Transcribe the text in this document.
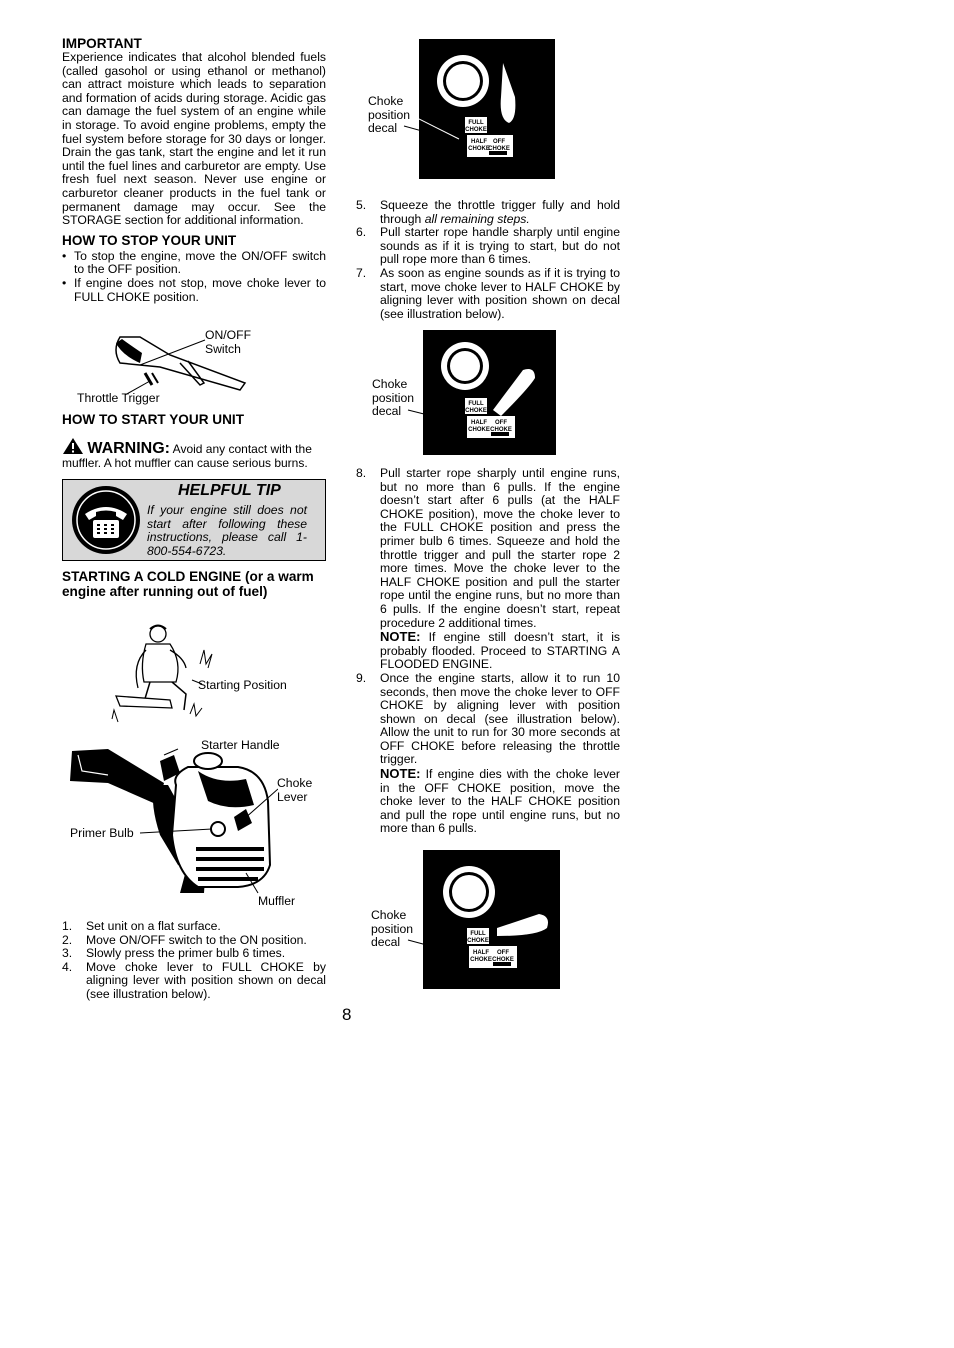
IMPORTANT

Experience indicates that alcohol blended fuels (called gasohol or using ethanol or methanol) can attract moisture which leads to separation and formation of acids during storage. Acidic gas can damage the fuel system of an engine while in storage. To avoid engine problems, empty the fuel system before storage for 30 days or longer. Drain the gas tank, start the engine and let it run until the fuel lines and carburetor are empty. Use fresh fuel next season. Never use engine or carburetor cleaner products in the fuel tank or permanent damage may occur. See the STORAGE section for additional information.

HOW TO STOP YOUR UNIT

• To stop the engine, move the ON/OFF switch to the OFF position.
• If engine does not stop, move choke lever to FULL CHOKE position.

HOW TO START YOUR UNIT

WARNING: Avoid any contact with the muffler. A hot muffler can cause serious burns.
HELPFUL TIP
If your engine still does not start after following these instructions, please call 1-800-554-6723.

STARTING A COLD ENGINE (or a warm engine after running out of fuel)

ON/OFF
Switch
Throttle Trigger
Starting Position
Starter Handle
Choke
Lever
Primer Bulb
Muffler
1. Set unit on a flat surface.
2. Move ON/OFF switch to the ON position.
3. Slowly press the primer bulb 6 times.
4. Move choke lever to FULL CHOKE by aligning lever with position shown on decal (see illustration below).
FULL
CHOKE
HALF
CHOKE
OFF
CHOKE
Choke
position
decal
5. Squeeze the throttle trigger fully and hold through all remaining steps.
6. Pull starter rope handle sharply until engine sounds as if it is trying to start, but do not pull rope more than 6 times.
7. As soon as engine sounds as if it is trying to start, move choke lever to HALF CHOKE by aligning lever with position shown on decal (see illustration below).
FULL
CHOKE
HALF
CHOKE
OFF
CHOKE
Choke
position
decal
8. Pull starter rope sharply until engine runs, but no more than 6 pulls. If the engine doesn’t start after 6 pulls (at the HALF CHOKE position), move the choke lever to the FULL CHOKE position and press the primer bulb 6 times. Squeeze and hold the throttle trigger and pull the starter rope 2 more times. Move the choke lever to the HALF CHOKE position and pull the starter rope until the engine runs, but no more than 6 pulls. If the engine doesn’t start, repeat procedure 2 additional times.
NOTE: If engine still doesn’t start, it is probably flooded. Proceed to STARTING A FLOODED ENGINE.
9. Once the engine starts, allow it to run 10 seconds, then move the choke lever to OFF CHOKE by aligning lever with position shown on decal (see illustration below). Allow the unit to run for 30 more seconds at OFF CHOKE before releasing the throttle trigger.
NOTE: If engine dies with the choke lever in the OFF CHOKE position, move the choke lever to the HALF CHOKE position and pull the rope until engine runs, but no more than 6 pulls.
FULL
CHOKE
HALF
CHOKE
OFF
CHOKE
Choke
position
decal
8
